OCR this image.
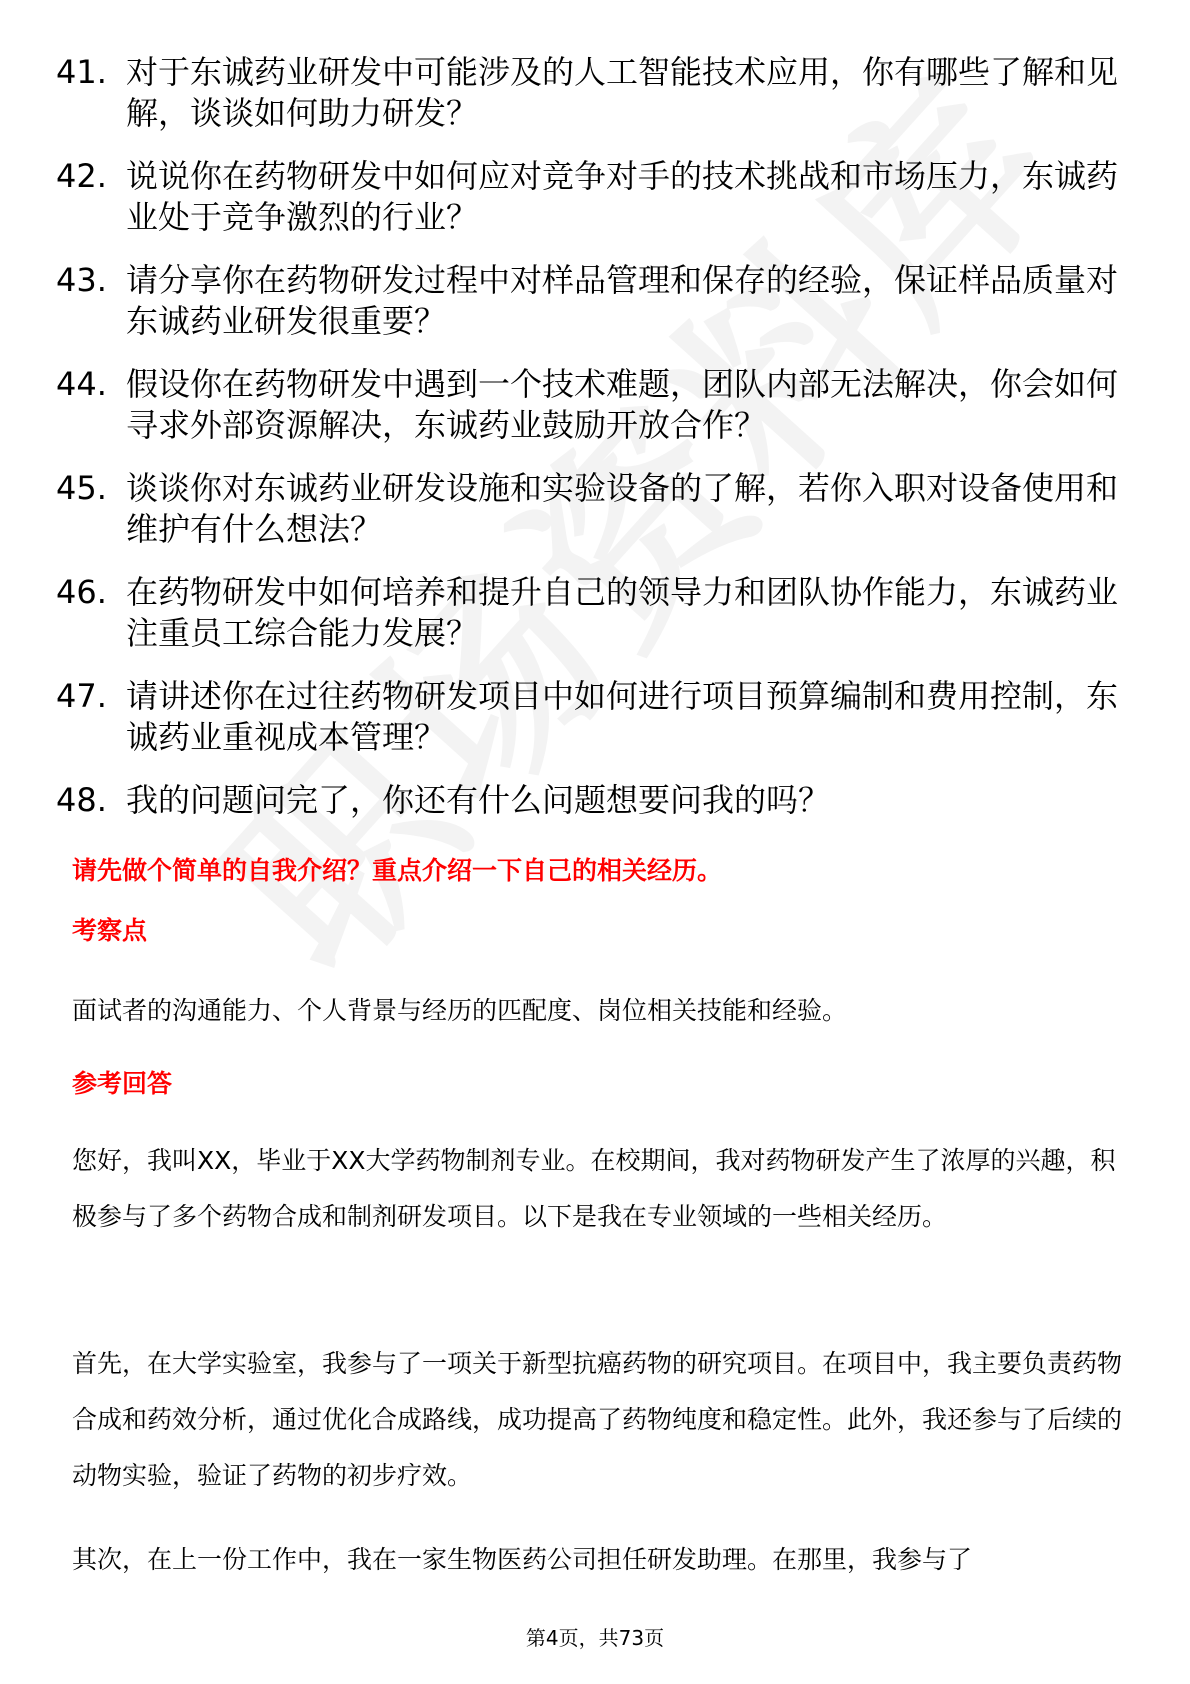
41. 对于东诚药业研发中可能涉及的人工智能技术应用，你有哪些了解和见解，谈谈如何助力研发？
42. 说说你在药物研发中如何应对竞争对手的技术挑战和市场压力，东诚药业处于竞争激烈的行业？
43. 请分享你在药物研发过程中对样品管理和保存的经验，保证样品质量对东诚药业研发很重要？
44. 假设你在药物研发中遇到一个技术难题，团队内部无法解决，你会如何寻求外部资源解决，东诚药业鼓励开放合作？
45. 谈谈你对东诚药业研发设施和实验设备的了解，若你入职对设备使用和维护有什么想法？
46. 在药物研发中如何培养和提升自己的领导力和团队协作能力，东诚药业注重员工综合能力发展？
47. 请讲述你在过往药物研发项目中如何进行项目预算编制和费用控制，东诚药业重视成本管理？
48. 我的问题问完了，你还有什么问题想要问我的吗？
请先做个简单的自我介绍？重点介绍一下自己的相关经历。
考察点

面试者的沟通能力、个人背景与经历的匹配度、岗位相关技能和经验。

参考回答

您好，我叫XX，毕业于XX大学药物制剂专业。在校期间，我对药物研发产生了浓厚的兴趣，积极参与了多个药物合成和制剂研发项目。以下是我在专业领域的一些相关经历。

首先，在大学实验室，我参与了一项关于新型抗癌药物的研究项目。在项目中，我主要负责药物合成和药效分析，通过优化合成路线，成功提高了药物纯度和稳定性。此外，我还参与了后续的动物实验，验证了药物的初步疗效。

其次，在上一份工作中，我在一家生物医药公司担任研发助理。在那里，我参与了

第4页，共73页
